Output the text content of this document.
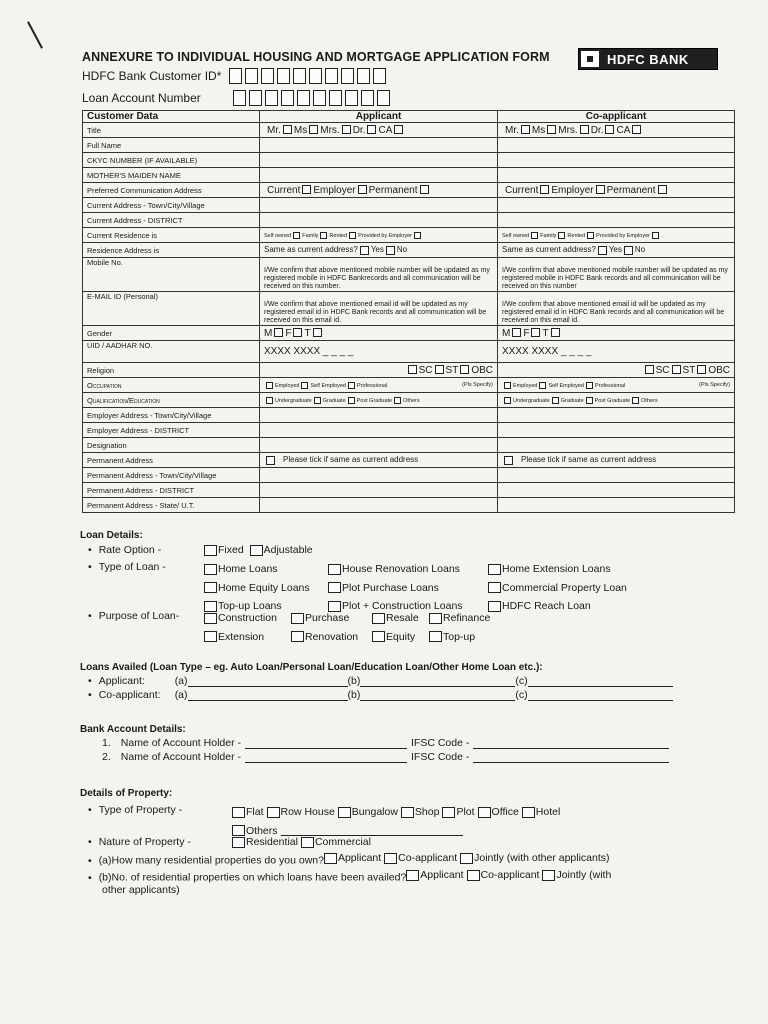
ANNEXURE TO INDIVIDUAL HOUSING AND MORTGAGE APPLICATION FORM	HDFC BANK
HDFC Bank Customer ID*
Loan Account Number
Customer Data	Applicant	Co-applicant
Title	Mr. Ms Mrs. Dr. CA	Mr. Ms Mrs. Dr. CA
Full Name		
CKYC NUMBER (IF AVAILABLE)		
MOTHER'S MAIDEN NAME		
Preferred Communication Address	Current Employer Permanent	Current Employer Permanent
Current Address - Town/City/Village		
Current Address - DISTRICT		
Current Residence is	Self owned Family Rented Provided by Employer	Self owned Family Rented Provided by Employer
Residence Address is	Same as current address? Yes No	Same as current address? Yes No
Mobile No.	I/We confirm that above mentioned mobile number will be updated as my registered mobile in HDFC Bankrecords and all communication will be received on this number.	I/We confirm that above mentioned mobile number will be updated as my registered mobile in HDFC Bank records and all communication will be received on this number
E-MAIL ID (Personal)	I/We confirm that above mentioned email id will be updated as my registered email id in HDFC Bank records and all communication will be received on this email id.	I/We confirm that above mentioned email id will be updated as my registered email id in HDFC Bank records and all communication will be received on this email id.
Gender	M F T	M F T
UID / AADHAR NO.	XXXX XXXX _ _ _ _	XXXX XXXX _ _ _ _
Religion	SC ST OBC	SC ST OBC
Occupation	Employed Self Employed Professional (Pls Specify)	Employed Self Employed Professional (Pls Specify)

Qualification/Education	Undergraduate Graduate Post Graduate Others	Undergraduate Graduate Post Graduate Others
Employer Address - Town/City/Village		
Employer Address - DISTRICT		
Designation		
Permanent Address	Please tick if same as current address	Please tick if same as current address
Permanent Address - Town/City/Village		
Permanent Address - DISTRICT		
Permanent Address - State/ U.T.		
Loan Details:
• Rate Option -	Fixed
Adjustable
• Type of Loan -	Home Loans

Home Equity Loans

Top-up Loans
House Renovation Loans

Plot Purchase Loans

Plot + Construction Loans
Home Extension Loans

Commercial Property Loan

HDFC Reach Loan
• Purpose of Loan-	Construction	Purchase	Resale Refinance
Extension	Renovation	Equity	Top-up
Loans Availed (Loan Type – eg. Auto Loan/Personal Loan/Education Loan/Other Home Loan etc.):
•
Applicant:	(a)	(b)	(c)
•
Co-applicant:	(a)	(b)	(c)
Bank Account Details:
1. Name of Account Holder -	IFSC Code -
2. Name of Account Holder -	IFSC Code -
Details of Property:
• Type of Property -	Flat Row House Bungalow Shop Plot Office Hotel
Others
• Nature of Property -	Residential Commercial
• (a)How many residential properties do you own? Applicant Co-applicant Jointly (with other applicants)
• (b)No. of residential properties on which loans have been availed? Applicant Co-applicant Jointly (with
other applicants)
